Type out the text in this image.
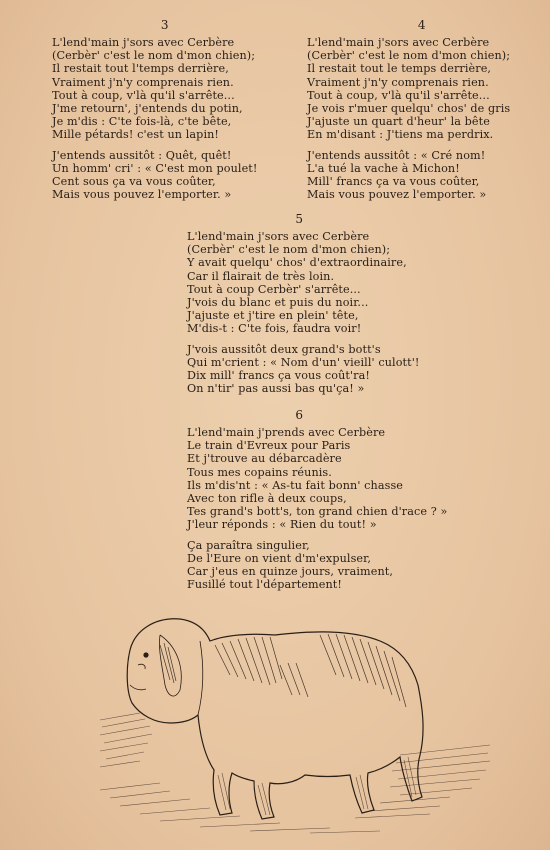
3
L'lend'main j'sors avec Cerbère
(Cerbèr' c'est le nom d'mon chien);
Il restait tout l'temps derrière,
Vraiment j'n'y comprenais rien.
Tout à coup, v'là qu'il s'arrête...
J'me retourn', j'entends du potin,
Je m'dis : C'te fois-là, c'te bête,
Mille pétards! c'est un lapin!
J'entends aussitôt : Quêt, quêt!
Un homm' cri' : « C'est mon poulet!
Cent sous ça va vous coûter,
Mais vous pouvez l'emporter. »
4
L'lend'main j'sors avec Cerbère
(Cerbèr' c'est le nom d'mon chien);
Il restait tout le temps derrière,
Vraiment j'n'y comprenais rien.
Tout à coup, v'là qu'il s'arrête...
Je vois r'muer quelqu' chos' de gris
J'ajuste un quart d'heur' la bête
En m'disant : J'tiens ma perdrix.
J'entends aussitôt : « Cré nom!
L'a tué la vache à Michon!
Mill' francs ça va vous coûter,
Mais vous pouvez l'emporter. »
5
L'lend'main j'sors avec Cerbère
(Cerbèr' c'est le nom d'mon chien);
Y avait quelqu' chos' d'extraordinaire,
Car il flairait de très loin.
Tout à coup Cerbèr' s'arrête...
J'vois du blanc et puis du noir...
J'ajuste et j'tire en plein' tête,
M'dis-t : C'te fois, faudra voir!
J'vois aussitôt deux grand's bott's
Qui m'crient : « Nom d'un' vieill' culott'!
Dix mill' francs ça vous coût'ra!
On n'tir' pas aussi bas qu'ça! »
6
L'lend'main j'prends avec Cerbère
Le train d'Evreux pour Paris
Et j'trouve au débarcadère
Tous mes copains réunis.
Ils m'dis'nt : « As-tu fait bonn' chasse
Avec ton rifle à deux coups,
Tes grand's bott's, ton grand chien d'race ? »
J'leur réponds : « Rien du tout! »
Ça paraîtra singulier,
De l'Eure on vient d'm'expulser,
Car j'eus en quinze jours, vraiment,
Fusillé tout l'département!
